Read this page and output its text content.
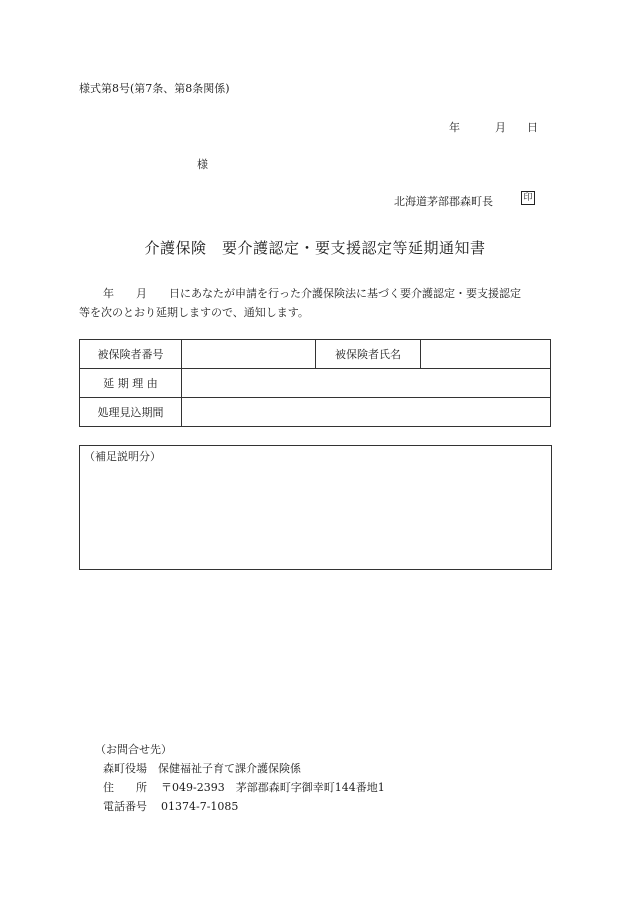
様式第8号(第7条、第8条関係)
年	月 日
様
北海道茅部郡森町長	印
介護保険　要介護認定・要支援認定等延期通知書

年　　月　　日にあなたが申請を行った介護保険法に基づく要介護認定・要支援認定

等を次のとおり延期しますので、通知します。

被保険者番号		被保険者氏名	
延 期 理 由			
処理見込期間			
（補足説明分）
（お問合せ先）
森町役場　保健福祉子育て課介護保険係
住　　所 〒049-2393　茅部郡森町字御幸町144番地1
電話番号 01374-7-1085
